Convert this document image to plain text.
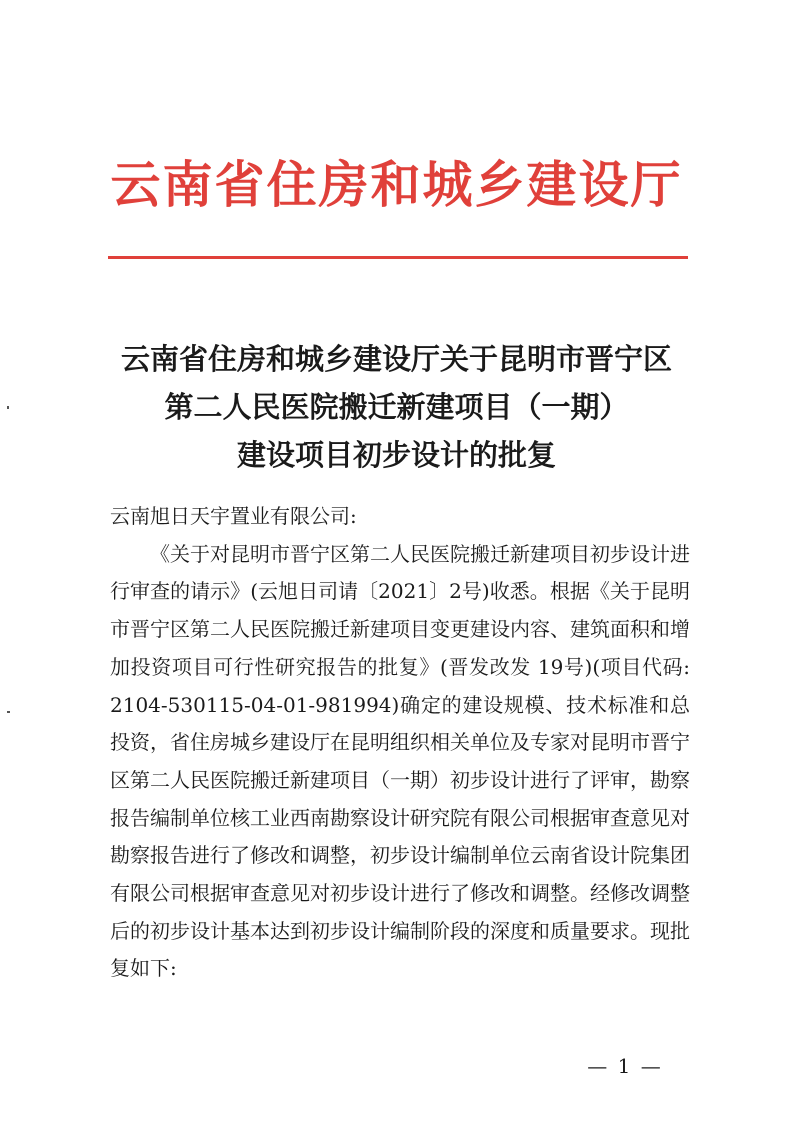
云南省住房和城乡建设厅
云南省住房和城乡建设厅关于昆明市晋宁区
第二人民医院搬迁新建项目（一期）
建设项目初步设计的批复
云南旭日天宇置业有限公司:
《关于对昆明市晋宁区第二人民医院搬迁新建项目初步设计进行审查的请示》(云旭日司请〔2021〕2号)收悉。根据《关于昆明市晋宁区第二人民医院搬迁新建项目变更建设内容、建筑面积和增加投资项目可行性研究报告的批复》(晋发改发 19号)(项目代码: 2104-530115-04-01-981994)确定的建设规模、技术标准和总投资，省住房城乡建设厅在昆明组织相关单位及专家对昆明市晋宁区第二人民医院搬迁新建项目（一期）初步设计进行了评审，勘察报告编制单位核工业西南勘察设计研究院有限公司根据审查意见对勘察报告进行了修改和调整，初步设计编制单位云南省设计院集团有限公司根据审查意见对初步设计进行了修改和调整。经修改调整后的初步设计基本达到初步设计编制阶段的深度和质量要求。现批复如下:
— 1 —
